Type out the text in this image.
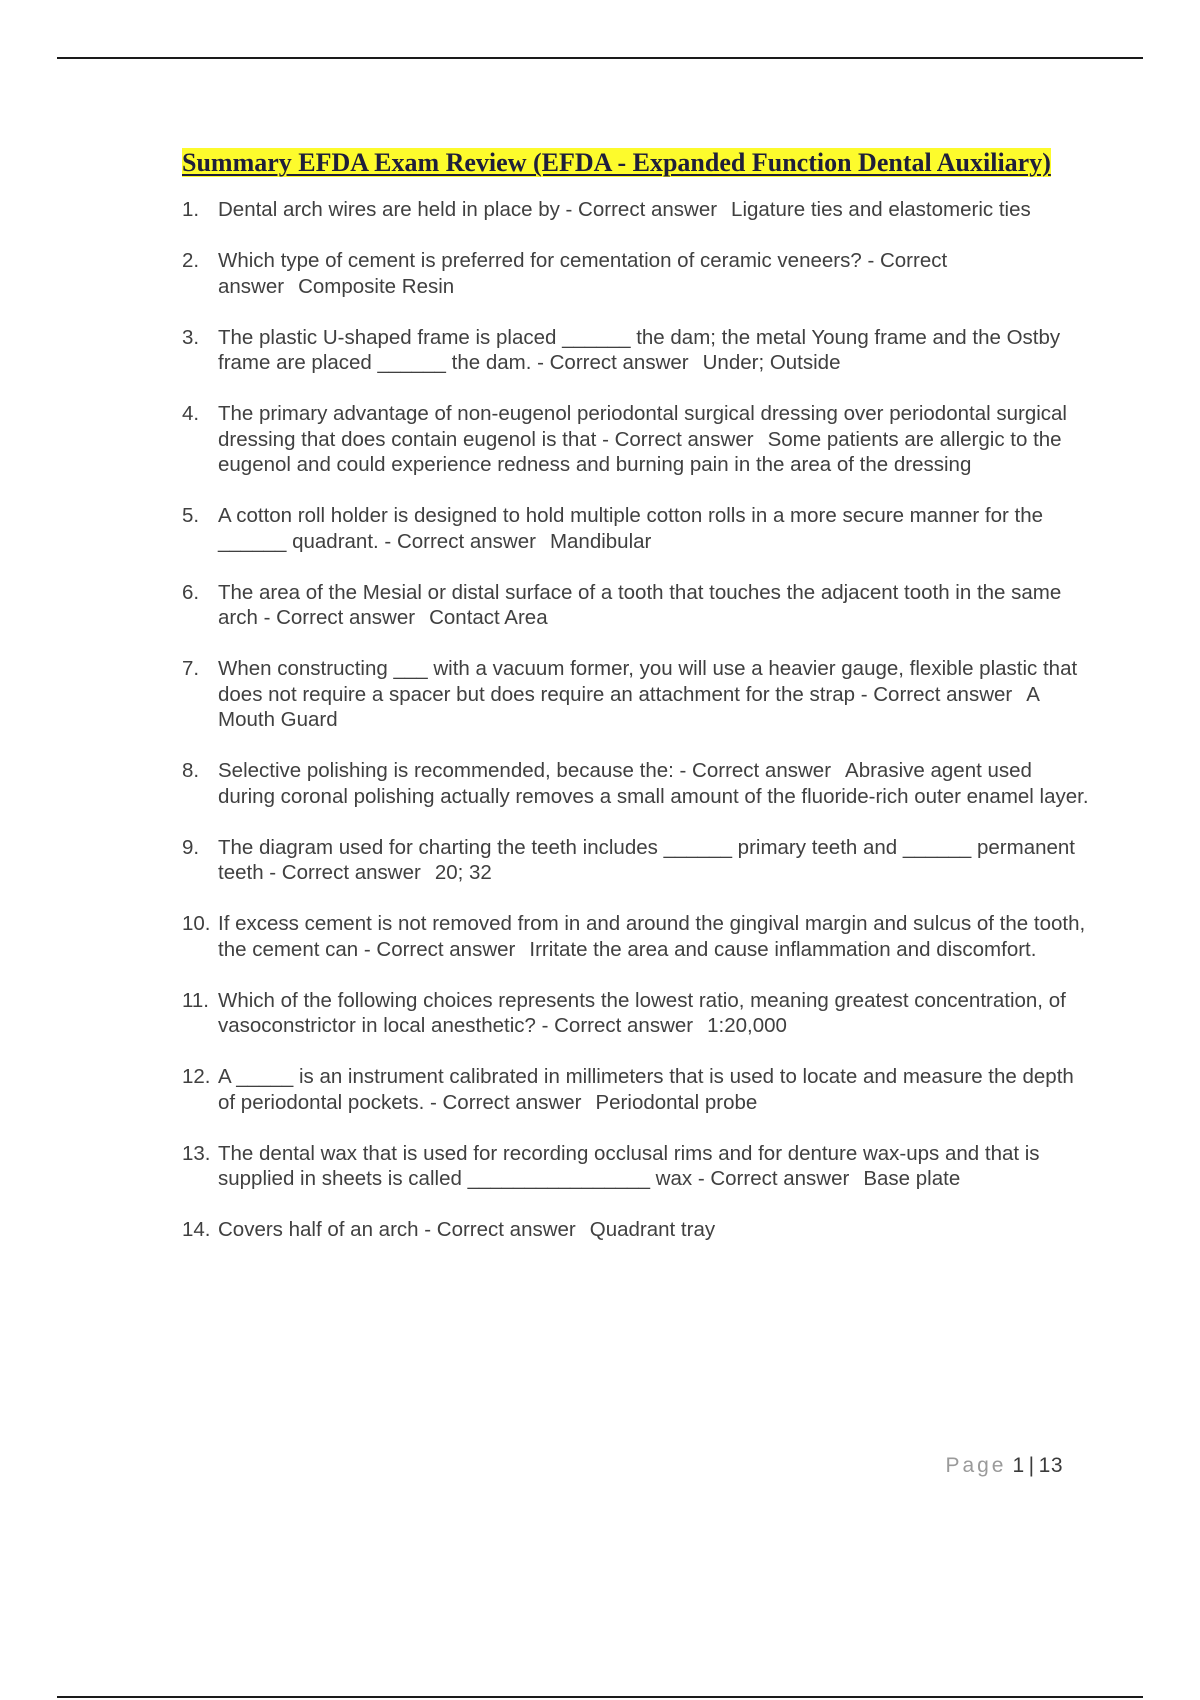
Summary EFDA Exam Review (EFDA - Expanded Function Dental Auxiliary)
1. Dental arch wires are held in place by - Correct answer Ligature ties and elastomeric ties
2. Which type of cement is preferred for cementation of ceramic veneers? - Correct answer Composite Resin
3. The plastic U-shaped frame is placed ______ the dam; the metal Young frame and the Ostby frame are placed ______ the dam. - Correct answer Under; Outside
4. The primary advantage of non-eugenol periodontal surgical dressing over periodontal surgical dressing that does contain eugenol is that - Correct answer Some patients are allergic to the eugenol and could experience redness and burning pain in the area of the dressing
5. A cotton roll holder is designed to hold multiple cotton rolls in a more secure manner for the ______ quadrant. - Correct answer Mandibular
6. The area of the Mesial or distal surface of a tooth that touches the adjacent tooth in the same arch - Correct answer Contact Area
7. When constructing ___ with a vacuum former, you will use a heavier gauge, flexible plastic that does not require a spacer but does require an attachment for the strap - Correct answer A Mouth Guard
8. Selective polishing is recommended, because the: - Correct answer Abrasive agent used during coronal polishing actually removes a small amount of the fluoride-rich outer enamel layer.
9. The diagram used for charting the teeth includes ______ primary teeth and ______ permanent teeth - Correct answer 20; 32
10. If excess cement is not removed from in and around the gingival margin and sulcus of the tooth, the cement can - Correct answer Irritate the area and cause inflammation and discomfort.
11. Which of the following choices represents the lowest ratio, meaning greatest concentration, of vasoconstrictor in local anesthetic? - Correct answer 1:20,000
12. A _____ is an instrument calibrated in millimeters that is used to locate and measure the depth of periodontal pockets. - Correct answer Periodontal probe
13. The dental wax that is used for recording occlusal rims and for denture wax-ups and that is supplied in sheets is called ________________ wax - Correct answer Base plate
14. Covers half of an arch - Correct answer Quadrant tray
Page 1 | 13
